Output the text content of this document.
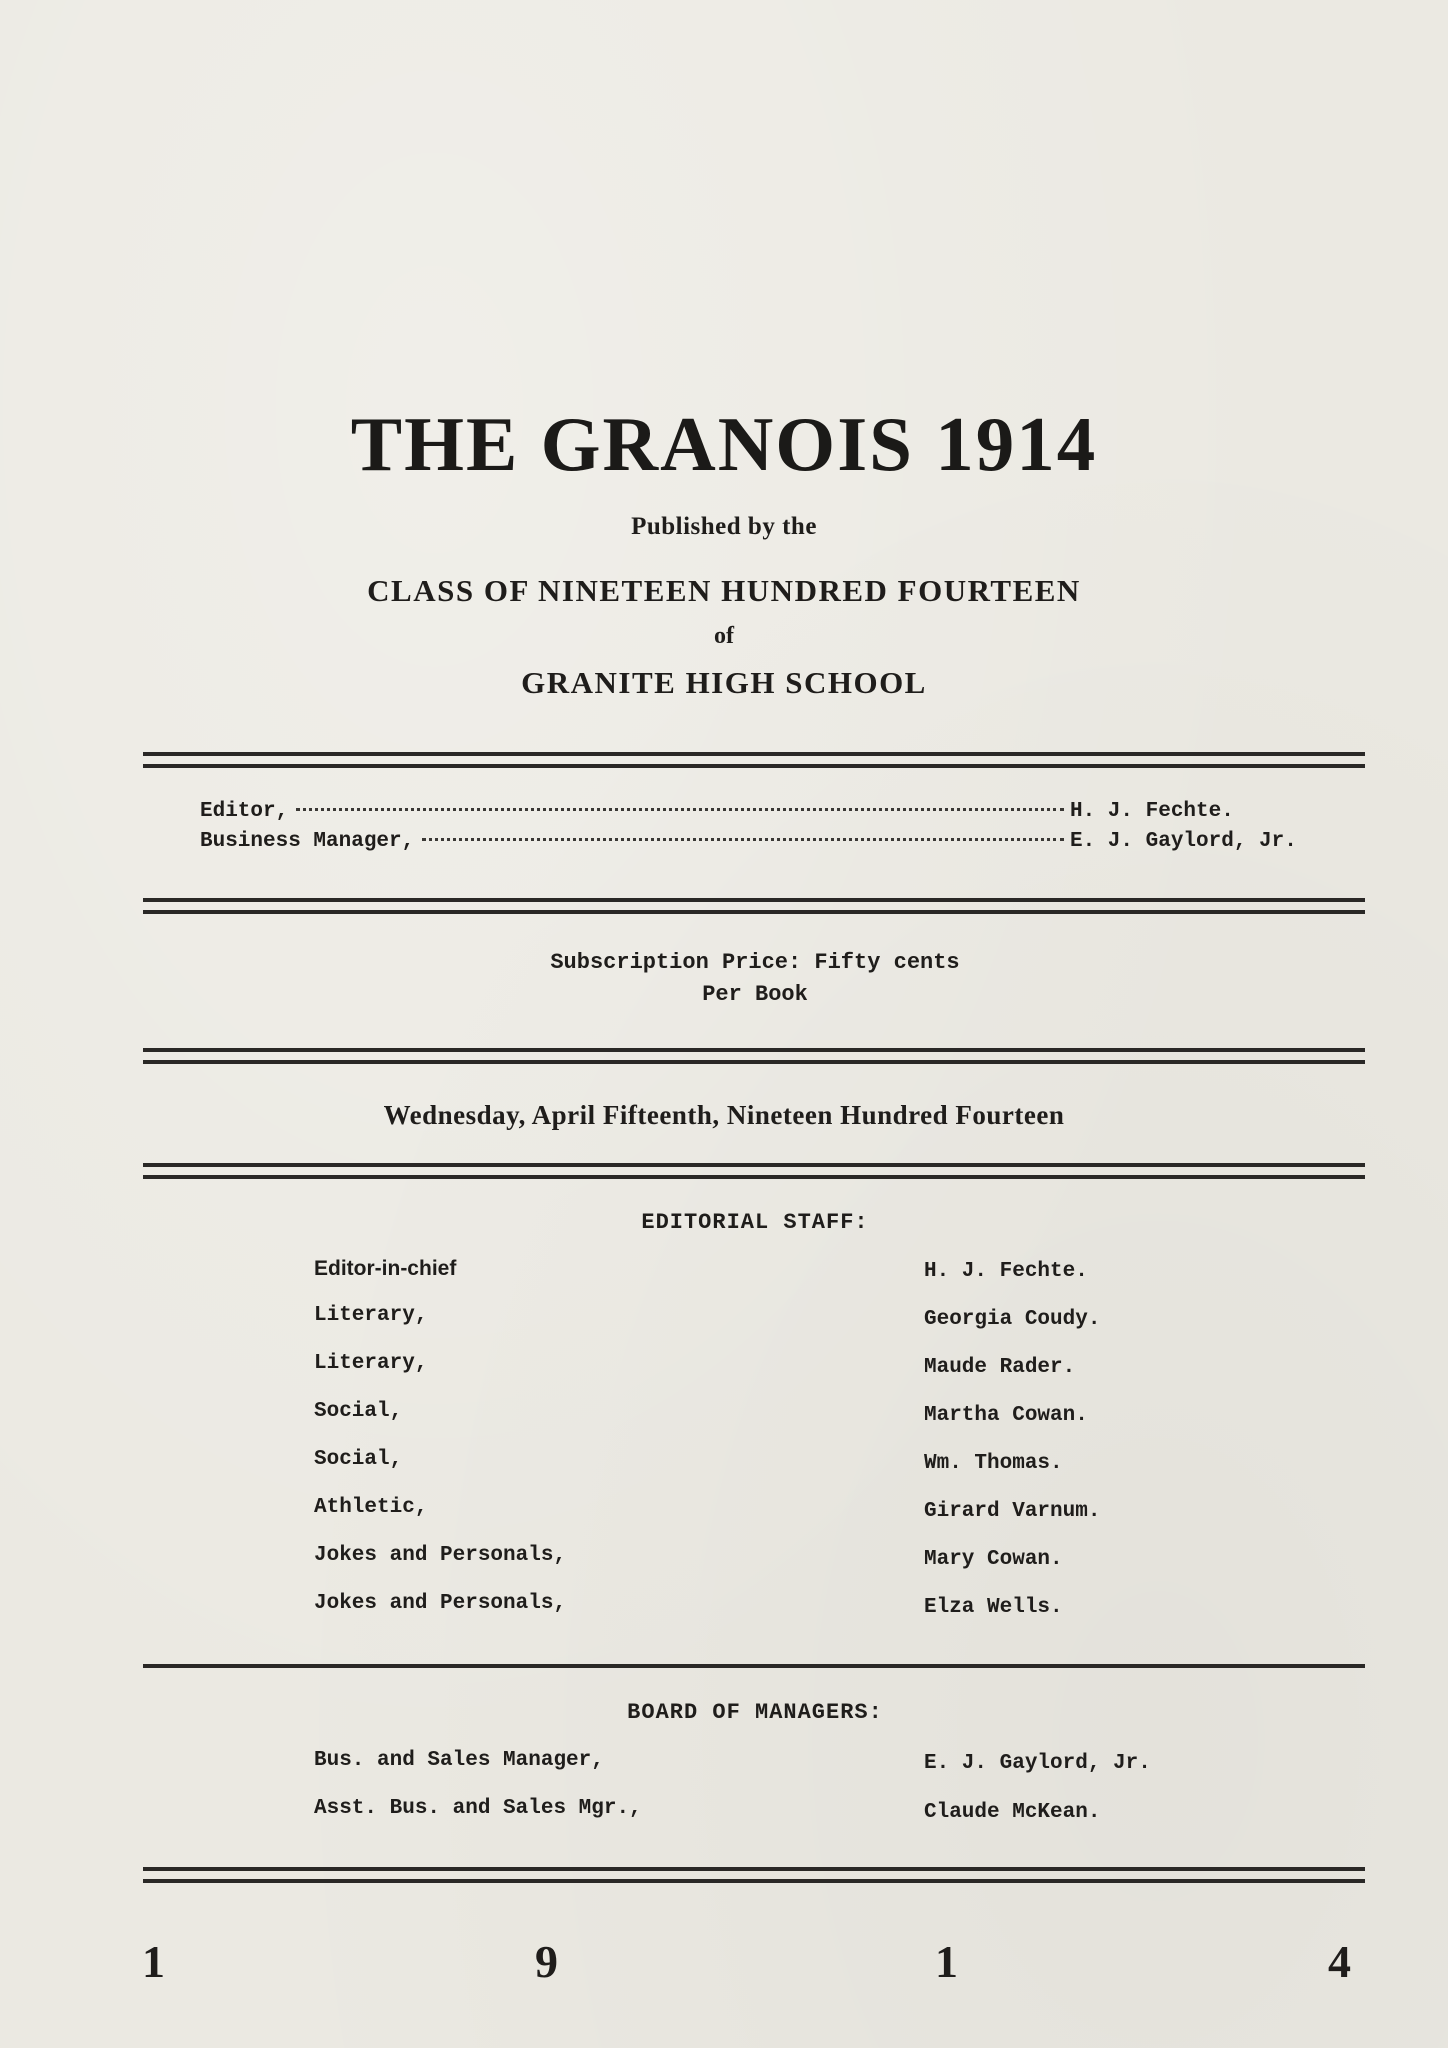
THE GRANOIS 1914
Published by the
CLASS OF NINETEEN HUNDRED FOURTEEN
of
GRANITE HIGH SCHOOL
Editor,	H. J. Fechte.
Business Manager,	E. J. Gaylord, Jr.
Subscription Price: Fifty cents
Per Book
Wednesday, April Fifteenth, Nineteen Hundred Fourteen
EDITORIAL STAFF:
Editor-in-chief	H. J. Fechte.
Literary,	Georgia Coudy.
Literary,	Maude Rader.
Social,	Martha Cowan.
Social,	Wm. Thomas.
Athletic,	Girard Varnum.
Jokes and Personals,	Mary Cowan.
Jokes and Personals,	Elza Wells.
BOARD OF MANAGERS:
Bus. and Sales Manager,	E. J. Gaylord, Jr.
Asst. Bus. and Sales Mgr.,	Claude McKean.
1	9	1	4
